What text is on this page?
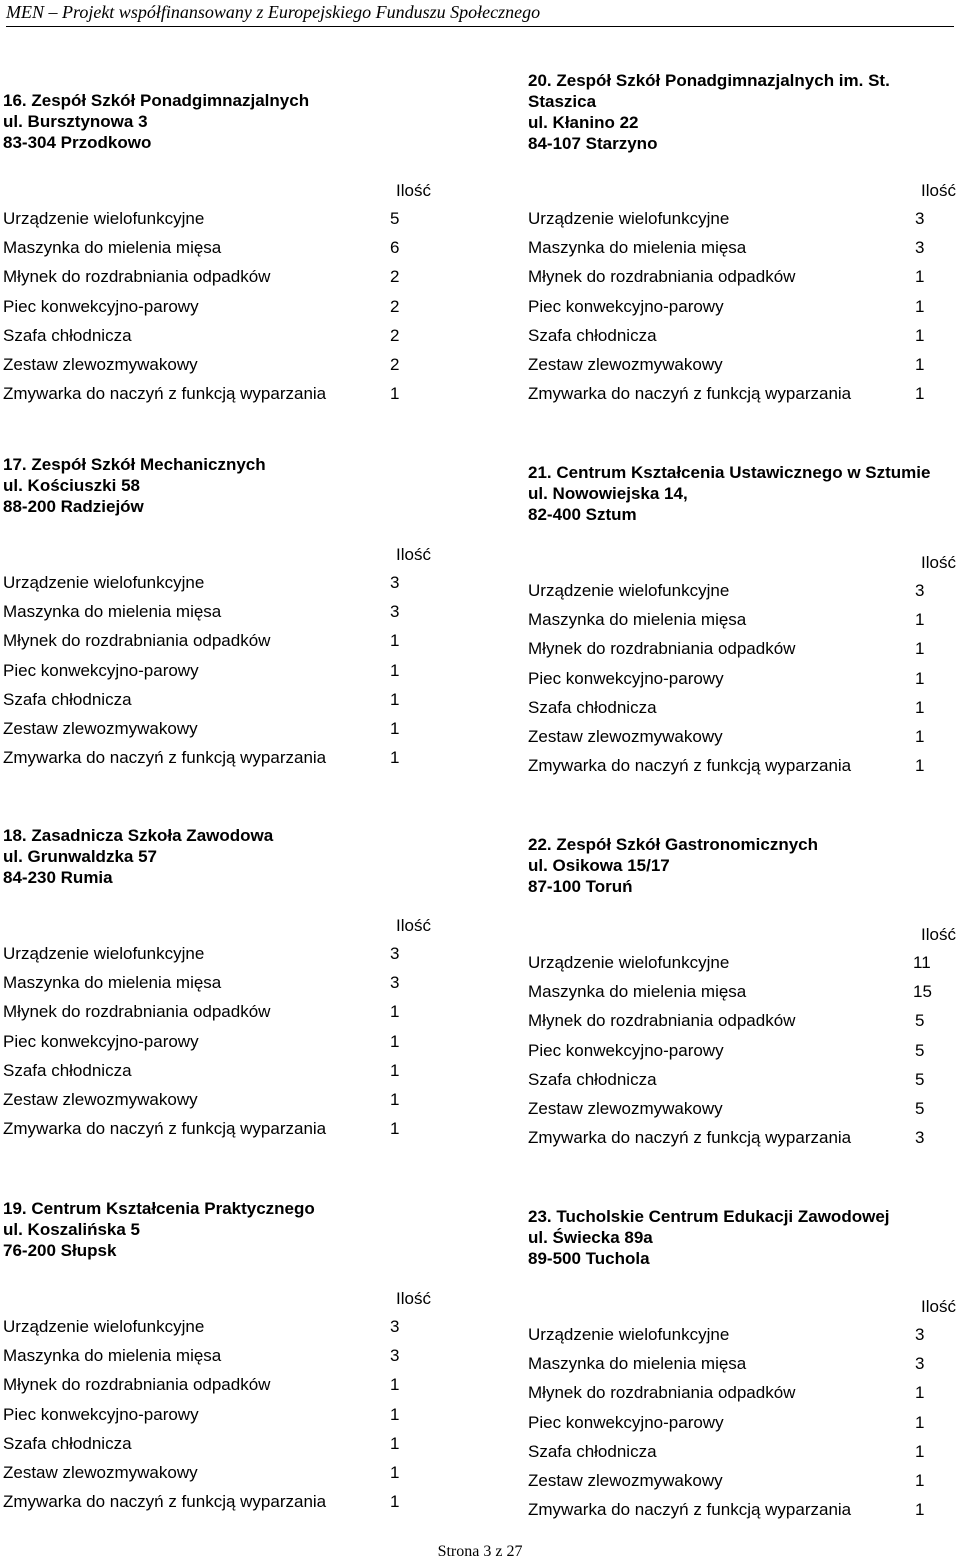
MEN – Projekt współfinansowany z Europejskiego Funduszu Społecznego
16. Zespół Szkół Ponadgimnazjalnych
ul. Bursztynowa 3
83-304 Przodkowo
Ilość
Urządzenie wielofunkcyjne	5
Maszynka do mielenia mięsa	6
Młynek do rozdrabniania odpadków	2
Piec konwekcyjno-parowy	2
Szafa chłodnicza	2
Zestaw zlewozmywakowy	2
Zmywarka do naczyń z funkcją wyparzania	1
20. Zespół Szkół Ponadgimnazjalnych im. St.
Staszica
ul. Kłanino 22
84-107 Starzyno
Ilość
Urządzenie wielofunkcyjne	3
Maszynka do mielenia mięsa	3
Młynek do rozdrabniania odpadków	1
Piec konwekcyjno-parowy	1
Szafa chłodnicza	1
Zestaw zlewozmywakowy	1
Zmywarka do naczyń z funkcją wyparzania	1
17. Zespół Szkół Mechanicznych
ul. Kościuszki 58
88-200 Radziejów
Ilość
Urządzenie wielofunkcyjne	3
Maszynka do mielenia mięsa	3
Młynek do rozdrabniania odpadków	1
Piec konwekcyjno-parowy	1
Szafa chłodnicza	1
Zestaw zlewozmywakowy	1
Zmywarka do naczyń z funkcją wyparzania	1
21. Centrum Kształcenia Ustawicznego w Sztumie
ul. Nowowiejska 14,
82-400 Sztum
Ilość
Urządzenie wielofunkcyjne	3
Maszynka do mielenia mięsa	1
Młynek do rozdrabniania odpadków	1
Piec konwekcyjno-parowy	1
Szafa chłodnicza	1
Zestaw zlewozmywakowy	1
Zmywarka do naczyń z funkcją wyparzania	1
18. Zasadnicza Szkoła Zawodowa
ul. Grunwaldzka 57
84-230 Rumia
Ilość
Urządzenie wielofunkcyjne	3
Maszynka do mielenia mięsa	3
Młynek do rozdrabniania odpadków	1
Piec konwekcyjno-parowy	1
Szafa chłodnicza	1
Zestaw zlewozmywakowy	1
Zmywarka do naczyń z funkcją wyparzania	1
22. Zespół Szkół Gastronomicznych
ul. Osikowa 15/17
87-100 Toruń
Ilość
Urządzenie wielofunkcyjne	11
Maszynka do mielenia mięsa	15
Młynek do rozdrabniania odpadków	5
Piec konwekcyjno-parowy	5
Szafa chłodnicza	5
Zestaw zlewozmywakowy	5
Zmywarka do naczyń z funkcją wyparzania	3
19. Centrum Kształcenia Praktycznego
ul. Koszalińska 5
76-200 Słupsk
Ilość
Urządzenie wielofunkcyjne	3
Maszynka do mielenia mięsa	3
Młynek do rozdrabniania odpadków	1
Piec konwekcyjno-parowy	1
Szafa chłodnicza	1
Zestaw zlewozmywakowy	1
Zmywarka do naczyń z funkcją wyparzania	1
23. Tucholskie Centrum Edukacji Zawodowej
ul. Świecka 89a
89-500 Tuchola
Ilość
Urządzenie wielofunkcyjne	3
Maszynka do mielenia mięsa	3
Młynek do rozdrabniania odpadków	1
Piec konwekcyjno-parowy	1
Szafa chłodnicza	1
Zestaw zlewozmywakowy	1
Zmywarka do naczyń z funkcją wyparzania	1
Strona 3 z 27
